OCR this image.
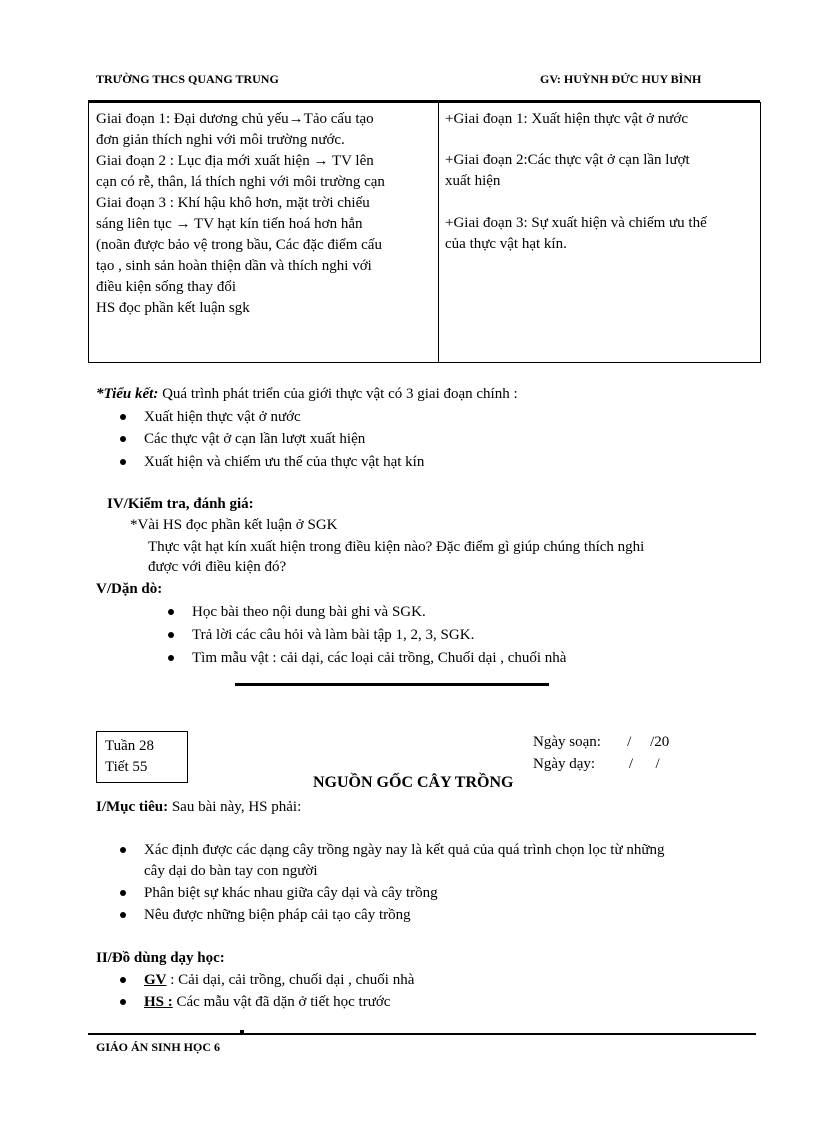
TRƯỜNG THCS QUANG TRUNG	GV: HUỲNH ĐỨC HUY BÌNH
Giai đoạn 1: Đại dương chủ yếu→Tảo cấu tạo
đơn giản thích nghi với môi trường nước.
Giai đoạn 2 : Lục địa mới xuất hiện → TV lên
cạn có rễ, thân, lá thích nghi với môi trường cạn
Giai đoạn 3 : Khí hậu khô hơn, mặt trời chiếu
sáng liên tục → TV hạt kín tiến hoá hơn hẳn
(noãn được bảo vệ trong bầu, Các đặc điểm cấu
tạo , sinh sản hoàn thiện dần và thích nghi với
điều kiện sống thay đổi
HS đọc phần kết luận sgk
+Giai đoạn 1: Xuất hiện thực vật ở nước
+Giai đoạn 2:Các thực vật ở cạn lần lượt
xuất hiện
+Giai đoạn 3: Sự xuất hiện và chiếm ưu thế
của thực vật hạt kín.
*Tiểu kết: Quá trình phát triển của giới thực vật có 3 giai đoạn chính :
Xuất hiện thực vật ở nước
Các thực vật ở cạn lần lượt xuất hiện
Xuất hiện và chiếm ưu thế của thực vật hạt kín
IV/Kiểm tra, đánh giá:
*Vài HS đọc phần kết luận ở SGK
Thực vật hạt kín xuất hiện trong điều kiện nào? Đặc điểm gì giúp chúng thích nghi
được với điều kiện đó?
V/Dặn dò:
Học bài theo nội dung bài ghi và SGK.
Trả lời các câu hỏi và làm bài tập 1, 2, 3, SGK.
Tìm mẫu vật : cải dại, các loại cải trồng, Chuối dại , chuối nhà
Tuần 28
Tiết 55
Ngày soạn:       /     /20
Ngày dạy:         /      /
NGUỒN GỐC CÂY TRỒNG
I/Mục tiêu: Sau bài này, HS phải:
Xác định được các dạng cây trồng ngày nay là kết quả của quá trình chọn lọc từ những
cây dại do bàn tay con người
Phân biệt sự khác nhau giữa cây dại và cây trồng
Nêu được những biện pháp cải tạo cây trồng
II/Đồ dùng dạy học:
GV : Cải dại, cải trồng, chuối dại , chuối nhà
HS : Các mẫu vật đã dặn ở tiết học trước
GIÁO ÁN SINH HỌC 6
